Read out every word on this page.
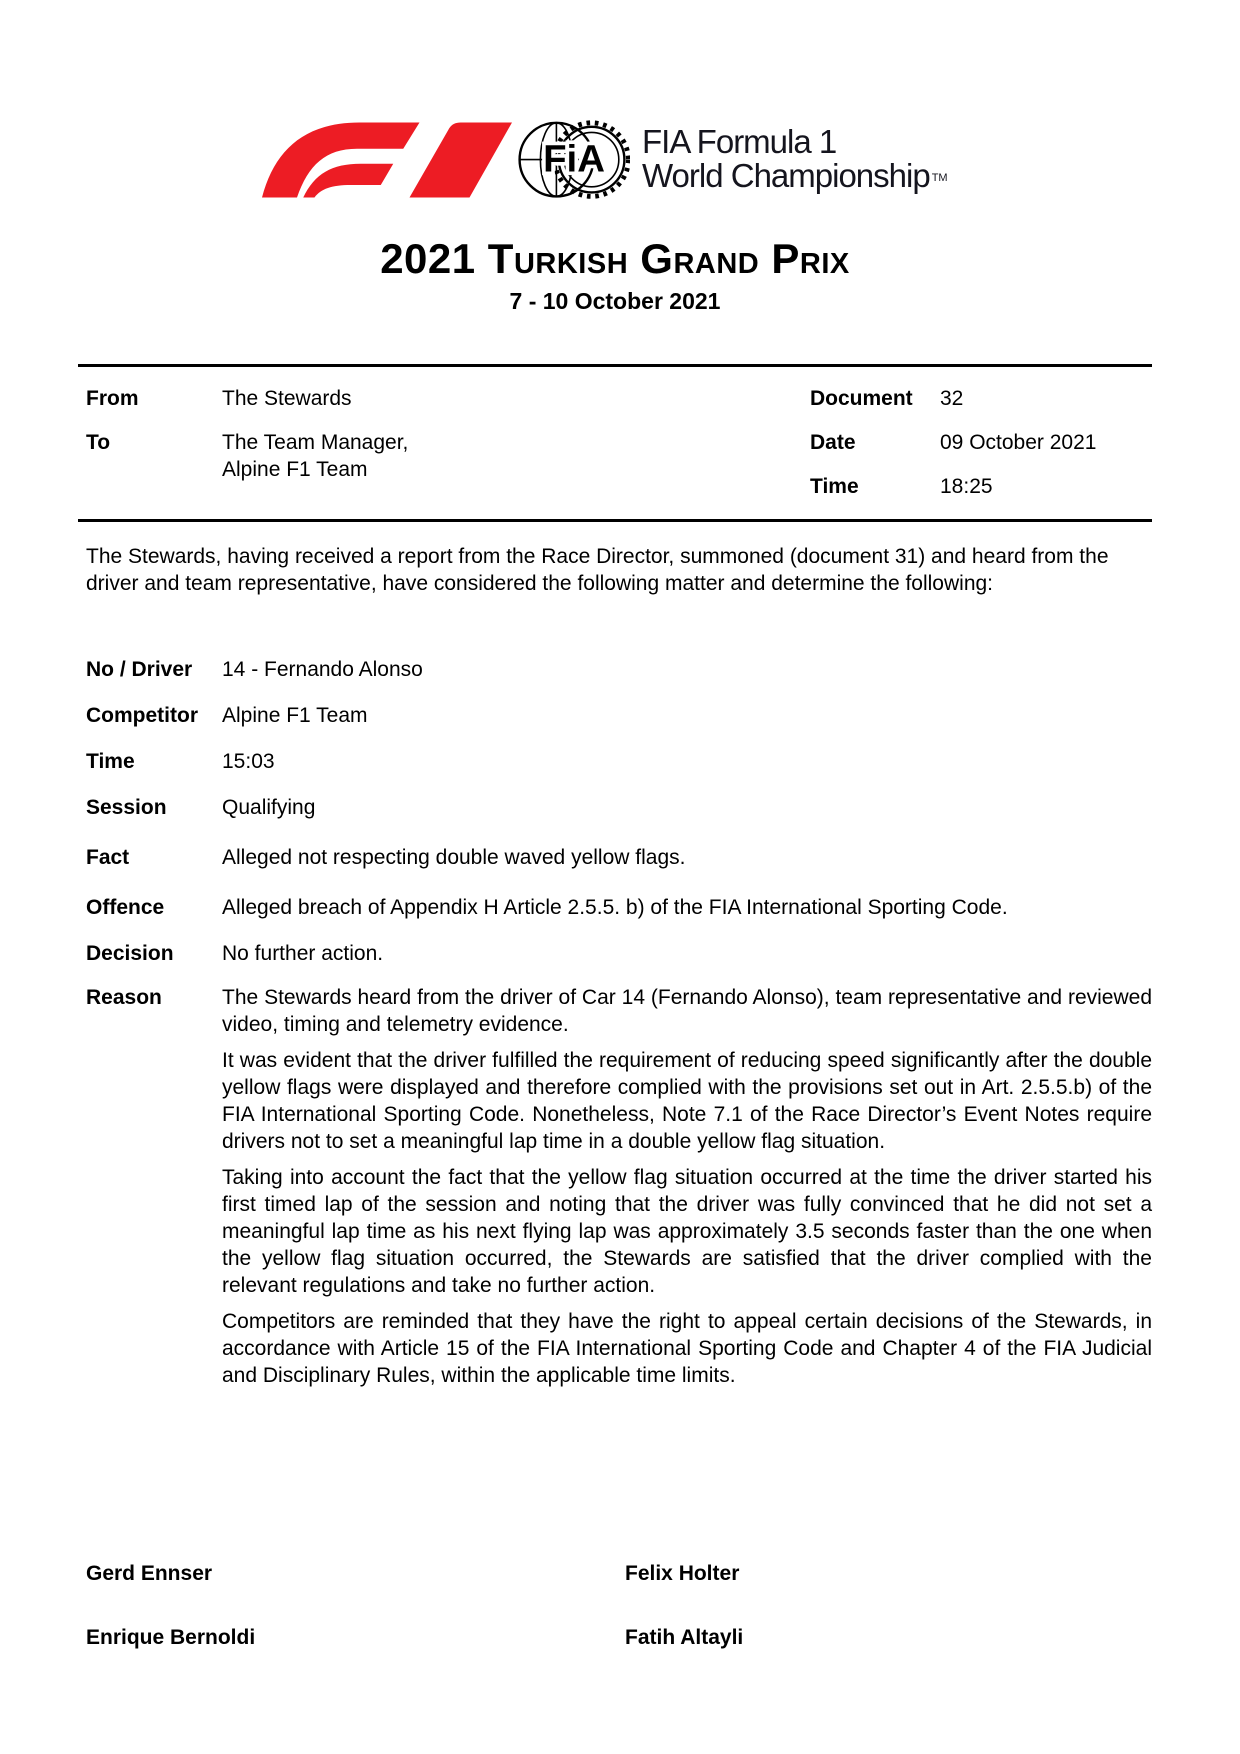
FiA FIA Formula 1
World Championship TM
2021 Turkish Grand Prix
7 - 10 October 2021
From	The Stewards
To	The Team Manager,
Alpine F1 Team
Document	32
Date	09 October 2021
Time	18:25

The Stewards, having received a report from the Race Director, summoned (document 31) and heard from the driver and team representative, have considered the following matter and determine the following:

No / Driver	14 - Fernando Alonso
Competitor	Alpine F1 Team
Time	15:03
Session	Qualifying
Fact	Alleged not respecting double waved yellow flags.
Offence	Alleged breach of Appendix H Article 2.5.5. b) of the FIA International Sporting Code.
Decision	No further action.
Reason	The Stewards heard from the driver of Car 14 (Fernando Alonso), team representative and reviewed video, timing and telemetry evidence.

It was evident that the driver fulfilled the requirement of reducing speed significantly after the double yellow flags were displayed and therefore complied with the provisions set out in Art. 2.5.5.b) of the FIA International Sporting Code. Nonetheless, Note 7.1 of the Race Director’s Event Notes require drivers not to set a meaningful lap time in a double yellow flag situation.

Taking into account the fact that the yellow flag situation occurred at the time the driver started his first timed lap of the session and noting that the driver was fully convinced that he did not set a meaningful lap time as his next flying lap was approximately 3.5 seconds faster than the one when the yellow flag situation occurred, the Stewards are satisfied that the driver complied with the relevant regulations and take no further action.

Competitors are reminded that they have the right to appeal certain decisions of the Stewards, in accordance with Article 15 of the FIA International Sporting Code and Chapter 4 of the FIA Judicial and Disciplinary Rules, within the applicable time limits.

Gerd Ennser	Felix Holter
Enrique Bernoldi	Fatih Altayli
